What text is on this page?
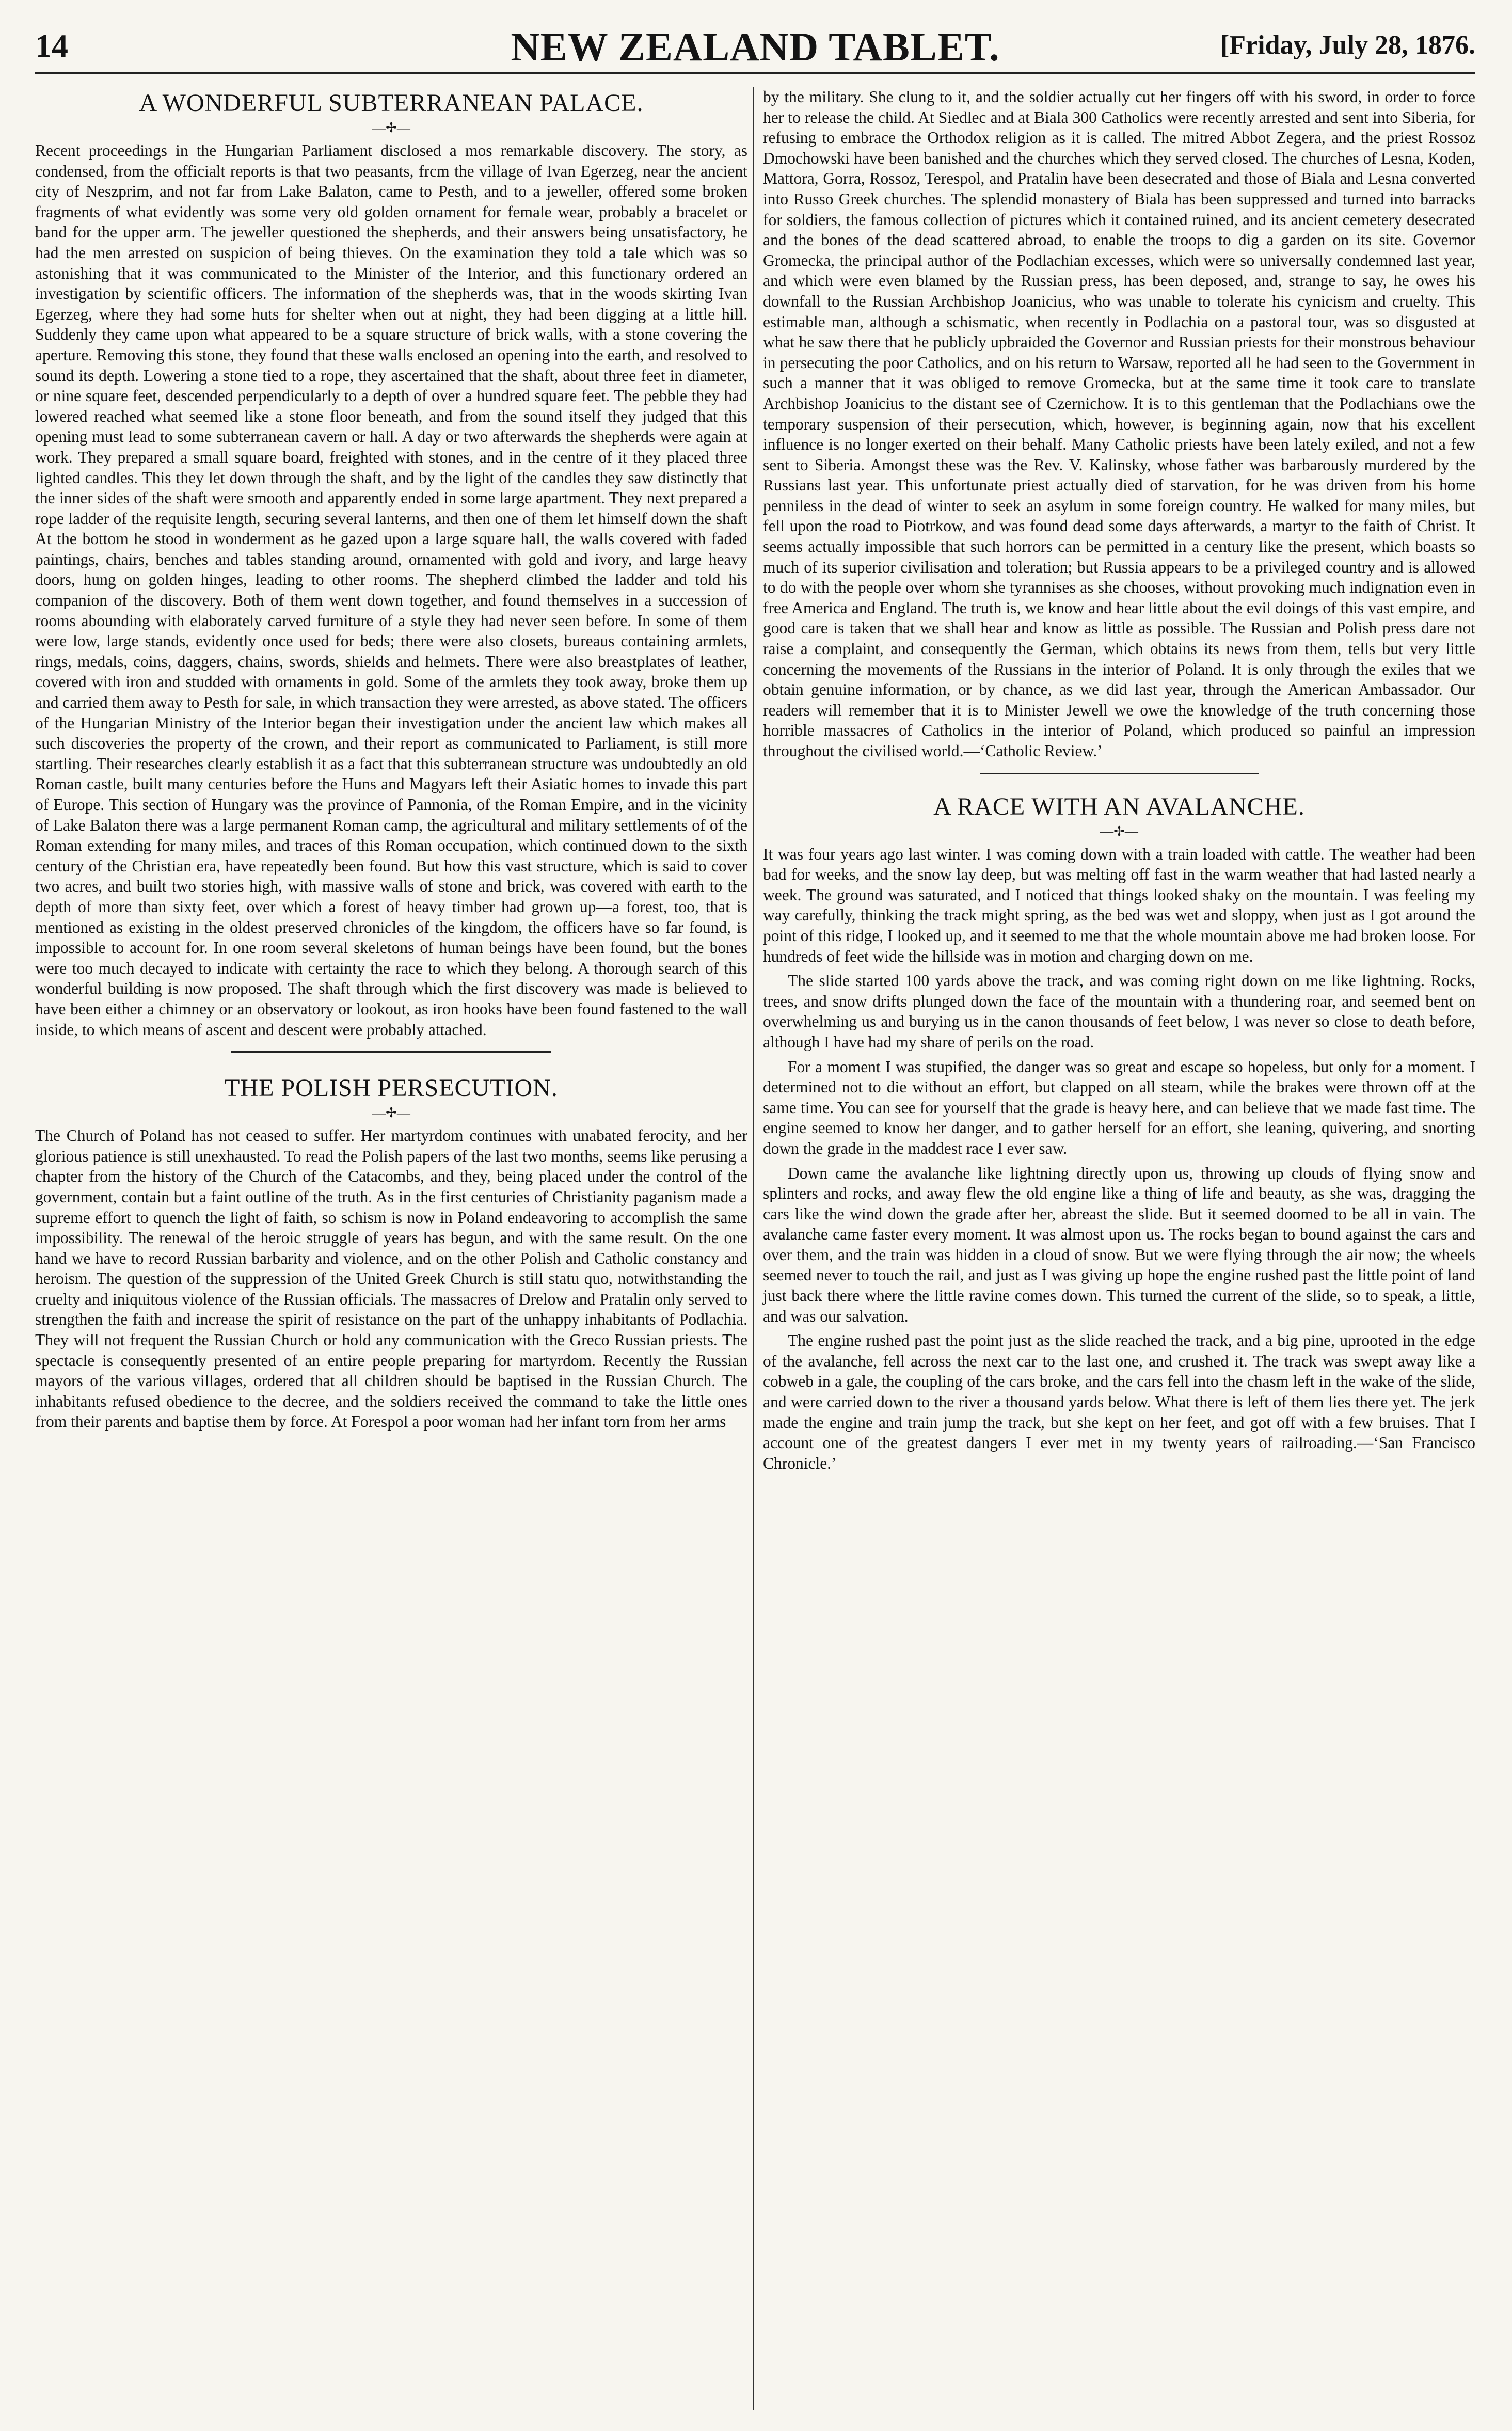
14	NEW ZEALAND TABLET.	[Friday, July 28, 1876.
A WONDERFUL SUBTERRANEAN PALACE.
—✢—

Recent proceedings in the Hungarian Parliament disclosed a mos remarkable discovery. The story, as condensed, from the officialt reports is that two peasants, frcm the village of Ivan Egerzeg, near the ancient city of Neszprim, and not far from Lake Balaton, came to Pesth, and to a jeweller, offered some broken fragments of what evidently was some very old golden ornament for female wear, probably a bracelet or band for the upper arm. The jeweller questioned the shepherds, and their answers being unsatisfactory, he had the men arrested on suspicion of being thieves. On the examination they told a tale which was so astonishing that it was communicated to the Minister of the Interior, and this functionary ordered an investigation by scientific officers. The information of the shepherds was, that in the woods skirting Ivan Egerzeg, where they had some huts for shelter when out at night, they had been digging at a little hill. Suddenly they came upon what appeared to be a square structure of brick walls, with a stone covering the aperture. Removing this stone, they found that these walls enclosed an opening into the earth, and resolved to sound its depth. Lowering a stone tied to a rope, they ascertained that the shaft, about three feet in diameter, or nine square feet, descended perpendicularly to a depth of over a hundred square feet. The pebble they had lowered reached what seemed like a stone floor beneath, and from the sound itself they judged that this opening must lead to some subterranean cavern or hall. A day or two afterwards the shepherds were again at work. They prepared a small square board, freighted with stones, and in the centre of it they placed three lighted candles. This they let down through the shaft, and by the light of the candles they saw distinctly that the inner sides of the shaft were smooth and apparently ended in some large apartment. They next prepared a rope ladder of the requisite length, securing several lanterns, and then one of them let himself down the shaft At the bottom he stood in wonderment as he gazed upon a large square hall, the walls covered with faded paintings, chairs, benches and tables standing around, ornamented with gold and ivory, and large heavy doors, hung on golden hinges, leading to other rooms. The shepherd climbed the ladder and told his companion of the discovery. Both of them went down together, and found themselves in a succession of rooms abounding with elaborately carved furniture of a style they had never seen before. In some of them were low, large stands, evidently once used for beds; there were also closets, bureaus containing armlets, rings, medals, coins, daggers, chains, swords, shields and helmets. There were also breastplates of leather, covered with iron and studded with ornaments in gold. Some of the armlets they took away, broke them up and carried them away to Pesth for sale, in which transaction they were arrested, as above stated. The officers of the Hungarian Ministry of the Interior began their investigation under the ancient law which makes all such discoveries the property of the crown, and their report as communicated to Parliament, is still more startling. Their researches clearly establish it as a fact that this subterranean structure was undoubtedly an old Roman castle, built many centuries before the Huns and Magyars left their Asiatic homes to invade this part of Europe. This section of Hungary was the province of Pannonia, of the Roman Empire, and in the vicinity of Lake Balaton there was a large permanent Roman camp, the agricultural and military settlements of of the Roman extending for many miles, and traces of this Roman occupation, which continued down to the sixth century of the Christian era, have repeatedly been found. But how this vast structure, which is said to cover two acres, and built two stories high, with massive walls of stone and brick, was covered with earth to the depth of more than sixty feet, over which a forest of heavy timber had grown up—a forest, too, that is mentioned as existing in the oldest preserved chronicles of the kingdom, the officers have so far found, is impossible to account for. In one room several skeletons of human beings have been found, but the bones were too much decayed to indicate with certainty the race to which they belong. A thorough search of this wonderful building is now proposed. The shaft through which the first discovery was made is believed to have been either a chimney or an observatory or lookout, as iron hooks have been found fastened to the wall inside, to which means of ascent and descent were probably attached.

THE POLISH PERSECUTION.
—✢—

The Church of Poland has not ceased to suffer. Her martyrdom continues with unabated ferocity, and her glorious patience is still unexhausted. To read the Polish papers of the last two months, seems like perusing a chapter from the history of the Church of the Catacombs, and they, being placed under the control of the government, contain but a faint outline of the truth. As in the first centuries of Christianity paganism made a supreme effort to quench the light of faith, so schism is now in Poland endeavoring to accomplish the same impossibility. The renewal of the heroic struggle of years has begun, and with the same result. On the one hand we have to record Russian barbarity and violence, and on the other Polish and Catholic constancy and heroism. The question of the suppression of the United Greek Church is still statu quo, notwithstanding the cruelty and iniquitous violence of the Russian officials. The massacres of Drelow and Pratalin only served to strengthen the faith and increase the spirit of resistance on the part of the unhappy inhabitants of Podlachia. They will not frequent the Russian Church or hold any communication with the Greco Russian priests. The spectacle is consequently presented of an entire people preparing for martyrdom. Recently the Russian mayors of the various villages, ordered that all children should be baptised in the Russian Church. The inhabitants refused obedience to the decree, and the soldiers received the command to take the little ones from their parents and baptise them by force. At Forespol a poor woman had her infant torn from her arms

by the military. She clung to it, and the soldier actually cut her fingers off with his sword, in order to force her to release the child. At Siedlec and at Biala 300 Catholics were recently arrested and sent into Siberia, for refusing to embrace the Orthodox religion as it is called. The mitred Abbot Zegera, and the priest Rossoz Dmochowski have been banished and the churches which they served closed. The churches of Lesna, Koden, Mattora, Gorra, Rossoz, Terespol, and Pratalin have been desecrated and those of Biala and Lesna converted into Russo Greek churches. The splendid monastery of Biala has been suppressed and turned into barracks for soldiers, the famous collection of pictures which it contained ruined, and its ancient cemetery desecrated and the bones of the dead scattered abroad, to enable the troops to dig a garden on its site. Governor Gromecka, the principal author of the Podlachian excesses, which were so universally condemned last year, and which were even blamed by the Russian press, has been deposed, and, strange to say, he owes his downfall to the Russian Archbishop Joanicius, who was unable to tolerate his cynicism and cruelty. This estimable man, although a schismatic, when recently in Podlachia on a pastoral tour, was so disgusted at what he saw there that he publicly upbraided the Governor and Russian priests for their monstrous behaviour in persecuting the poor Catholics, and on his return to Warsaw, reported all he had seen to the Government in such a manner that it was obliged to remove Gromecka, but at the same time it took care to translate Archbishop Joanicius to the distant see of Czernichow. It is to this gentleman that the Podlachians owe the temporary suspension of their persecution, which, however, is beginning again, now that his excellent influence is no longer exerted on their behalf. Many Catholic priests have been lately exiled, and not a few sent to Siberia. Amongst these was the Rev. V. Kalinsky, whose father was barbarously murdered by the Russians last year. This unfortunate priest actually died of starvation, for he was driven from his home penniless in the dead of winter to seek an asylum in some foreign country. He walked for many miles, but fell upon the road to Piotrkow, and was found dead some days afterwards, a martyr to the faith of Christ. It seems actually impossible that such horrors can be permitted in a century like the present, which boasts so much of its superior civilisation and toleration; but Russia appears to be a privileged country and is allowed to do with the people over whom she tyrannises as she chooses, without provoking much indignation even in free America and England. The truth is, we know and hear little about the evil doings of this vast empire, and good care is taken that we shall hear and know as little as possible. The Russian and Polish press dare not raise a complaint, and consequently the German, which obtains its news from them, tells but very little concerning the movements of the Russians in the interior of Poland. It is only through the exiles that we obtain genuine information, or by chance, as we did last year, through the American Ambassador. Our readers will remember that it is to Minister Jewell we owe the knowledge of the truth concerning those horrible massacres of Catholics in the interior of Poland, which produced so painful an impression throughout the civilised world.—‘Catholic Review.’

A RACE WITH AN AVALANCHE.
—✢—

It was four years ago last winter. I was coming down with a train loaded with cattle. The weather had been bad for weeks, and the snow lay deep, but was melting off fast in the warm weather that had lasted nearly a week. The ground was saturated, and I noticed that things looked shaky on the mountain. I was feeling my way carefully, thinking the track might spring, as the bed was wet and sloppy, when just as I got around the point of this ridge, I looked up, and it seemed to me that the whole mountain above me had broken loose. For hundreds of feet wide the hillside was in motion and charging down on me.

The slide started 100 yards above the track, and was coming right down on me like lightning. Rocks, trees, and snow drifts plunged down the face of the mountain with a thundering roar, and seemed bent on overwhelming us and burying us in the canon thousands of feet below, I was never so close to death before, although I have had my share of perils on the road.

For a moment I was stupified, the danger was so great and escape so hopeless, but only for a moment. I determined not to die without an effort, but clapped on all steam, while the brakes were thrown off at the same time. You can see for yourself that the grade is heavy here, and can believe that we made fast time. The engine seemed to know her danger, and to gather herself for an effort, she leaning, quivering, and snorting down the grade in the maddest race I ever saw.

Down came the avalanche like lightning directly upon us, throwing up clouds of flying snow and splinters and rocks, and away flew the old engine like a thing of life and beauty, as she was, dragging the cars like the wind down the grade after her, abreast the slide. But it seemed doomed to be all in vain. The avalanche came faster every moment. It was almost upon us. The rocks began to bound against the cars and over them, and the train was hidden in a cloud of snow. But we were flying through the air now; the wheels seemed never to touch the rail, and just as I was giving up hope the engine rushed past the little point of land just back there where the little ravine comes down. This turned the current of the slide, so to speak, a little, and was our salvation.

The engine rushed past the point just as the slide reached the track, and a big pine, uprooted in the edge of the avalanche, fell across the next car to the last one, and crushed it. The track was swept away like a cobweb in a gale, the coupling of the cars broke, and the cars fell into the chasm left in the wake of the slide, and were carried down to the river a thousand yards below. What there is left of them lies there yet. The jerk made the engine and train jump the track, but she kept on her feet, and got off with a few bruises. That I account one of the greatest dangers I ever met in my twenty years of railroading.—‘San Francisco Chronicle.’
